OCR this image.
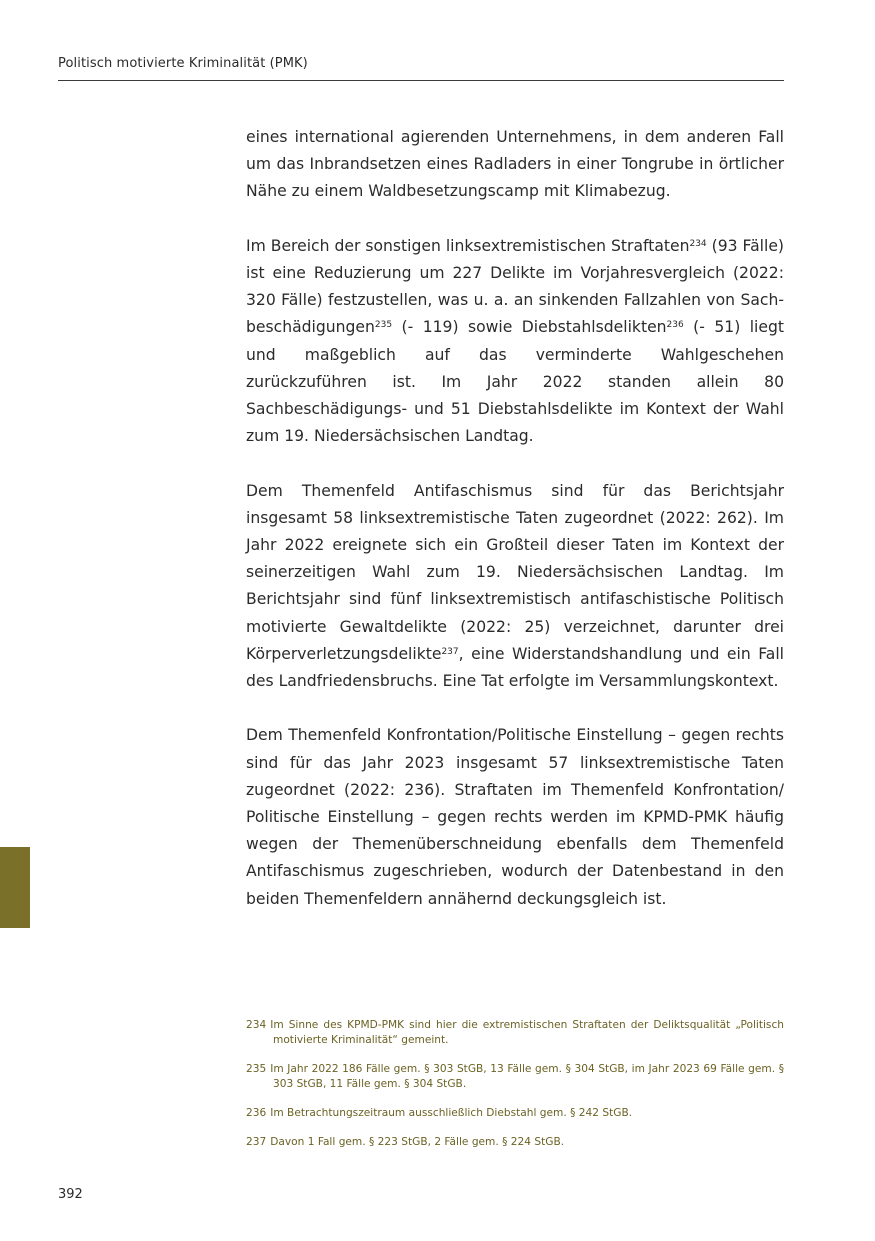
Politisch motivierte Kriminalität (PMK)

eines international agierenden Unternehmens, in dem anderen Fall um das Inbrandsetzen eines Radladers in einer Tongrube in örtlicher Nähe zu einem Waldbesetzungscamp mit Klimabezug.

Im Bereich der sonstigen linksextremistischen Straftaten$^{234}$ (93 Fälle) ist eine Reduzierung um 227 Delikte im Vorjahresvergleich (2022: 320 Fälle) festzustellen, was u. a. an sinkenden Fallzahlen von Sachbeschädigungen$^{235}$ (- 119) sowie Diebstahlsdelikten$^{236}$ (- 51) liegt und maßgeblich auf das verminderte Wahlgeschehen zurückzuführen ist. Im Jahr 2022 standen allein 80 Sachbeschädigungs- und 51 Diebstahlsdelikte im Kontext der Wahl zum 19. Niedersächsischen Landtag.

Dem Themenfeld Antifaschismus sind für das Berichtsjahr insgesamt 58 linksextremistische Taten zugeordnet (2022: 262). Im Jahr 2022 ereignete sich ein Großteil dieser Taten im Kontext der seinerzeitigen Wahl zum 19. Niedersächsischen Landtag. Im Berichtsjahr sind fünf linksextremistisch antifaschistische Politisch motivierte Gewaltdelikte (2022: 25) verzeichnet, darunter drei Körperverletzungsdelikte$^{237}$, eine Widerstandshandlung und ein Fall des Landfriedensbruchs. Eine Tat erfolgte im Versammlungskontext.

Dem Themenfeld Konfrontation/Politische Einstellung – gegen rechts sind für das Jahr 2023 insgesamt 57 linksextremistische Taten zugeordnet (2022: 236). Straftaten im Themenfeld Konfrontation/ Politische Einstellung – gegen rechts werden im KPMD-PMK häufig wegen der Themenüberschneidung ebenfalls dem Themenfeld Antifaschismus zugeschrieben, wodurch der Datenbestand in den beiden Themenfeldern annähernd deckungsgleich ist.

234 Im Sinne des KPMD-PMK sind hier die extremistischen Straftaten der Deliktsqualität „Politisch motivierte Kriminalität“ gemeint.
235 Im Jahr 2022 186 Fälle gem. § 303 StGB, 13 Fälle gem. § 304 StGB, im Jahr 2023 69 Fälle gem. § 303 StGB, 11 Fälle gem. § 304 StGB.
236 Im Betrachtungszeitraum ausschließlich Diebstahl gem. § 242 StGB.
237 Davon 1 Fall gem. § 223 StGB, 2 Fälle gem. § 224 StGB.
392
